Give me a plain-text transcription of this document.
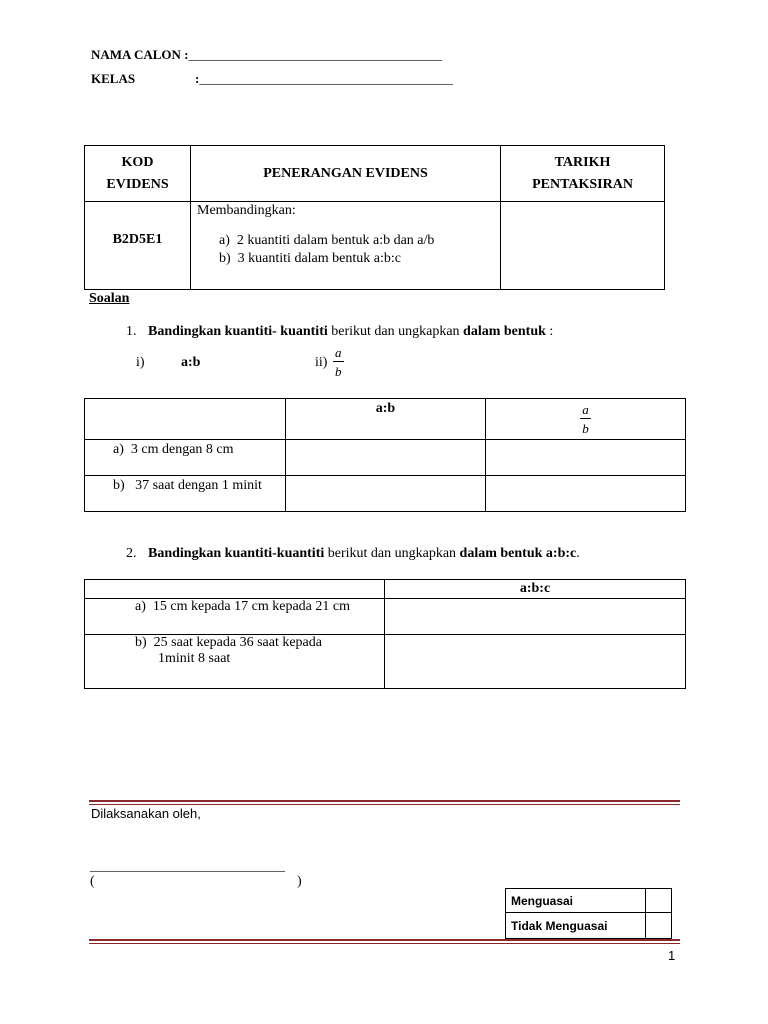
NAMA CALON :_______________________________________
KELAS	:_______________________________________
KOD EVIDENS	PENERANGAN EVIDENS	TARIKH PENTAKSIRAN
B2D5E1	Membandingkan:
a) 2 kuantiti dalam bentuk a:b dan a/b
b) 3 kuantiti dalam bentuk a:b:c	

Soalan
1. Bandingkan kuantiti- kuantiti berikut dan ungkapkan dalam bentuk :
i)	a:b	$ii) \frac{a}{b}$
	a:b	$\frac{a}{b}$

a) 3 cm dengan 8 cm		
b) 37 saat dengan 1 minit		
2. Bandingkan kuantiti-kuantiti berikut dan ungkapkan dalam bentuk a:b:c.
	a:b:c
a) 15 cm kepada 17 cm kepada 21 cm	

b) 25 saat kepada 36 saat kepada
1minit 8 saat	

Dilaksanakan oleh,
______________________________
(	)
Menguasai	
Tidak Menguasai	
1
